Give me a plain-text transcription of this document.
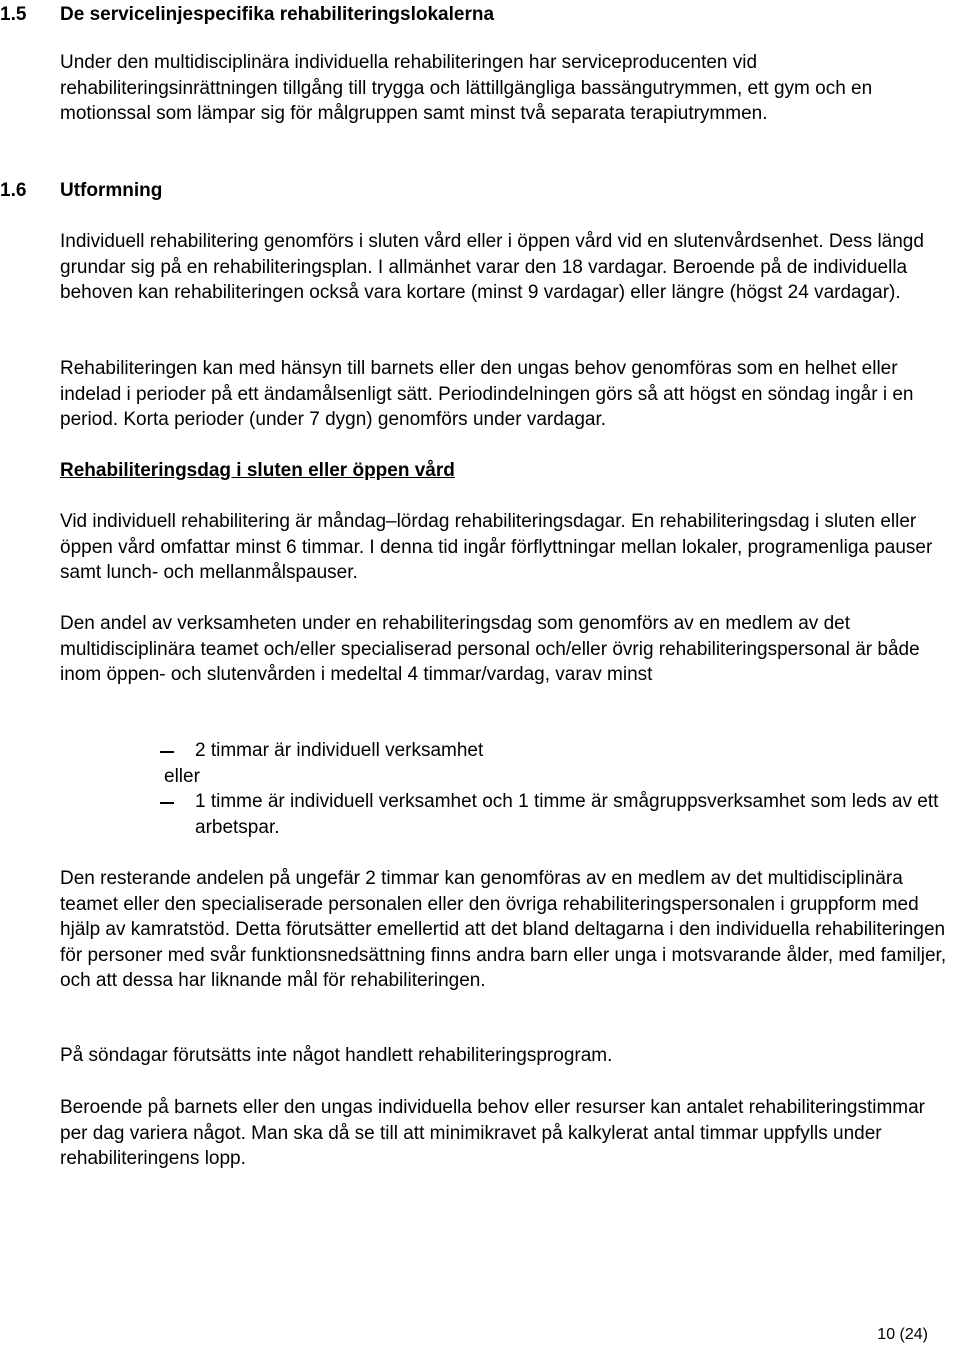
1.5 De servicelinjespecifika rehabiliteringslokalerna

Under den multidisciplinära individuella rehabiliteringen har serviceproducenten vid rehabiliteringsinrättningen tillgång till trygga och lättillgängliga bassängutrymmen, ett gym och en motionssal som lämpar sig för målgruppen samt minst två separata terapiutrymmen.

1.6 Utformning

Individuell rehabilitering genomförs i sluten vård eller i öppen vård vid en slutenvårdsenhet. Dess längd grundar sig på en rehabiliteringsplan. I allmänhet varar den 18 vardagar. Beroende på de individuella behoven kan rehabiliteringen också vara kortare (minst 9 vardagar) eller längre (högst 24 vardagar).

Rehabiliteringen kan med hänsyn till barnets eller den ungas behov genomföras som en helhet eller indelad i perioder på ett ändamålsenligt sätt. Periodindelningen görs så att högst en söndag ingår i en period. Korta perioder (under 7 dygn) genomförs under vardagar.

Rehabiliteringsdag i sluten eller öppen vård

Vid individuell rehabilitering är måndag–lördag rehabiliteringsdagar. En rehabiliteringsdag i sluten eller öppen vård omfattar minst 6 timmar. I denna tid ingår förflyttningar mellan lokaler, programenliga pauser samt lunch- och mellanmålspauser.

Den andel av verksamheten under en rehabiliteringsdag som genomförs av en medlem av det multidisciplinära teamet och/eller specialiserad personal och/eller övrig rehabiliteringspersonal är både inom öppen- och slutenvården i medeltal 4 timmar/vardag, varav minst

2 timmar är individuell verksamhet

eller

1 timme är individuell verksamhet och 1 timme är smågruppsverksamhet som leds av ett arbetspar.

Den resterande andelen på ungefär 2 timmar kan genomföras av en medlem av det multidisciplinära teamet eller den specialiserade personalen eller den övriga rehabiliteringspersonalen i gruppform med hjälp av kamratstöd. Detta förutsätter emellertid att det bland deltagarna i den individuella rehabiliteringen för personer med svår funktionsnedsättning finns andra barn eller unga i motsvarande ålder, med familjer, och att dessa har liknande mål för rehabiliteringen.

På söndagar förutsätts inte något handlett rehabiliteringsprogram.

Beroende på barnets eller den ungas individuella behov eller resurser kan antalet rehabiliteringstimmar per dag variera något. Man ska då se till att minimikravet på kalkylerat antal timmar uppfylls under rehabiliteringens lopp.

10 (24)
